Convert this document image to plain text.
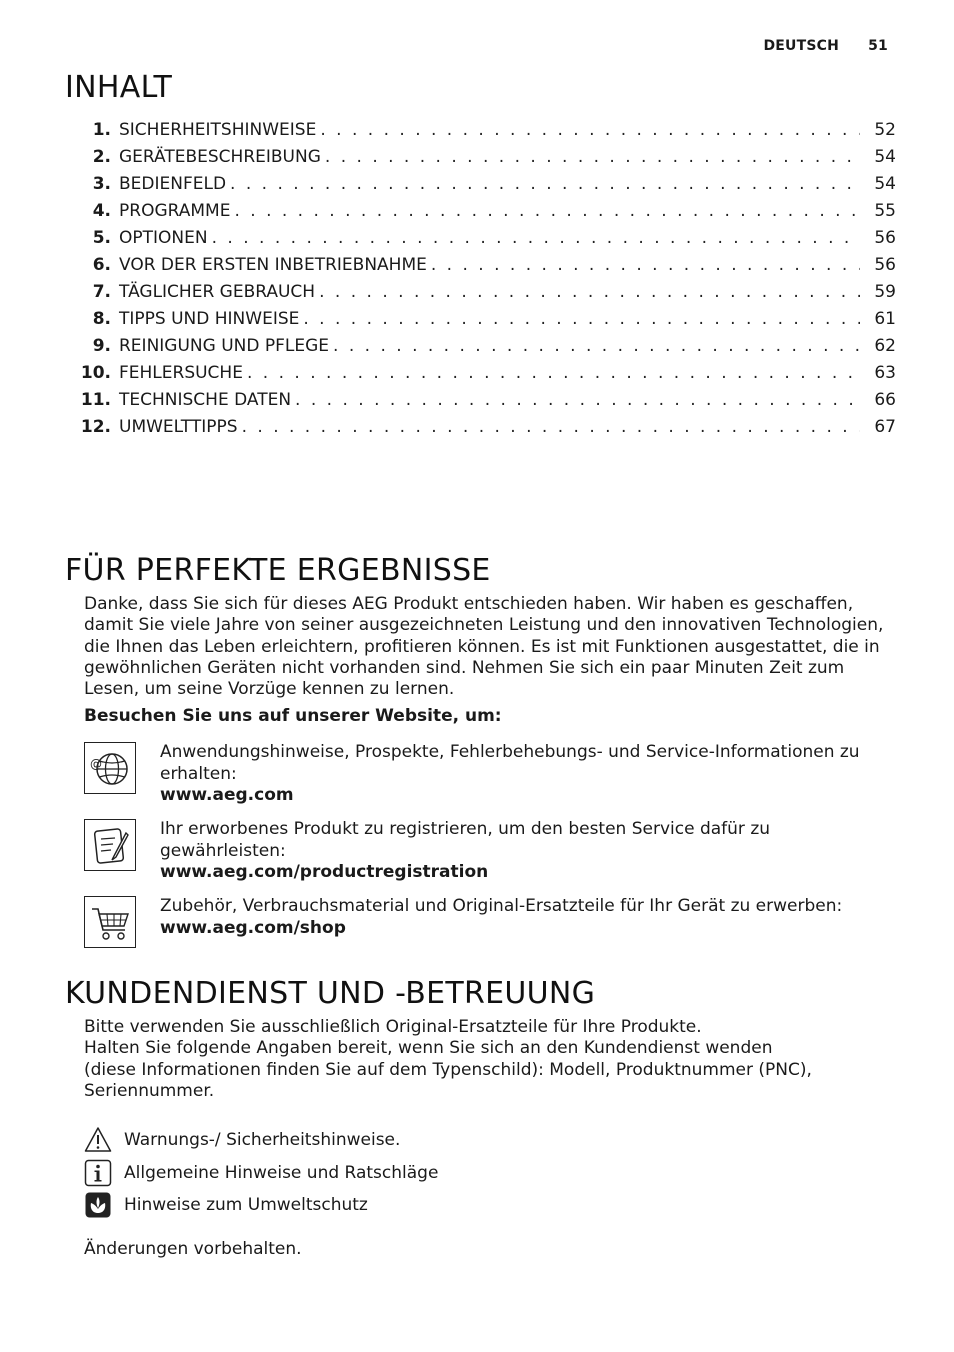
DEUTSCH 51
INHALT
1. SICHERHEITSHINWEISE . . .	52
2. GERÄTEBESCHREIBUNG . . .	54
3. BEDIENFELD . . .	54
4. PROGRAMME . . .	55
5. OPTIONEN . . .	56
6. VOR DER ERSTEN INBETRIEBNAHME . . .	56
7. TÄGLICHER GEBRAUCH . . .	59
8. TIPPS UND HINWEISE . . .	61
9. REINIGUNG UND PFLEGE . . .	62
10. FEHLERSUCHE . . .	63
11. TECHNISCHE DATEN . . .	66
12. UMWELTTIPPS . . .	67
FÜR PERFEKTE ERGEBNISSE
Danke, dass Sie sich für dieses AEG Produkt entschieden haben. Wir haben es geschaffen, damit Sie viele Jahre von seiner ausgezeichneten Leistung und den innovativen Technologien, die Ihnen das Leben erleichtern, profitieren können. Es ist mit Funktionen ausgestattet, die in gewöhnlichen Geräten nicht vorhanden sind. Nehmen Sie sich ein paar Minuten Zeit zum Lesen, um seine Vorzüge kennen zu lernen.
Besuchen Sie uns auf unserer Website, um:
@
Anwendungshinweise, Prospekte, Fehlerbehebungs- und Service-Informationen zu erhalten:
www.aeg.com
Ihr erworbenes Produkt zu registrieren, um den besten Service dafür zu gewährleisten:
www.aeg.com/productregistration
Zubehör, Verbrauchsmaterial und Original-Ersatzteile für Ihr Gerät zu erwerben:
www.aeg.com/shop
KUNDENDIENST UND -BETREUUNG
Bitte verwenden Sie ausschließlich Original-Ersatzteile für Ihre Produkte.
Halten Sie folgende Angaben bereit, wenn Sie sich an den Kundendienst wenden (diese Informationen finden Sie auf dem Typenschild): Modell, Produktnummer (PNC), Seriennummer.
Warnungs-/ Sicherheitshinweise.
Allgemeine Hinweise und Ratschläge
Hinweise zum Umweltschutz
Änderungen vorbehalten.
